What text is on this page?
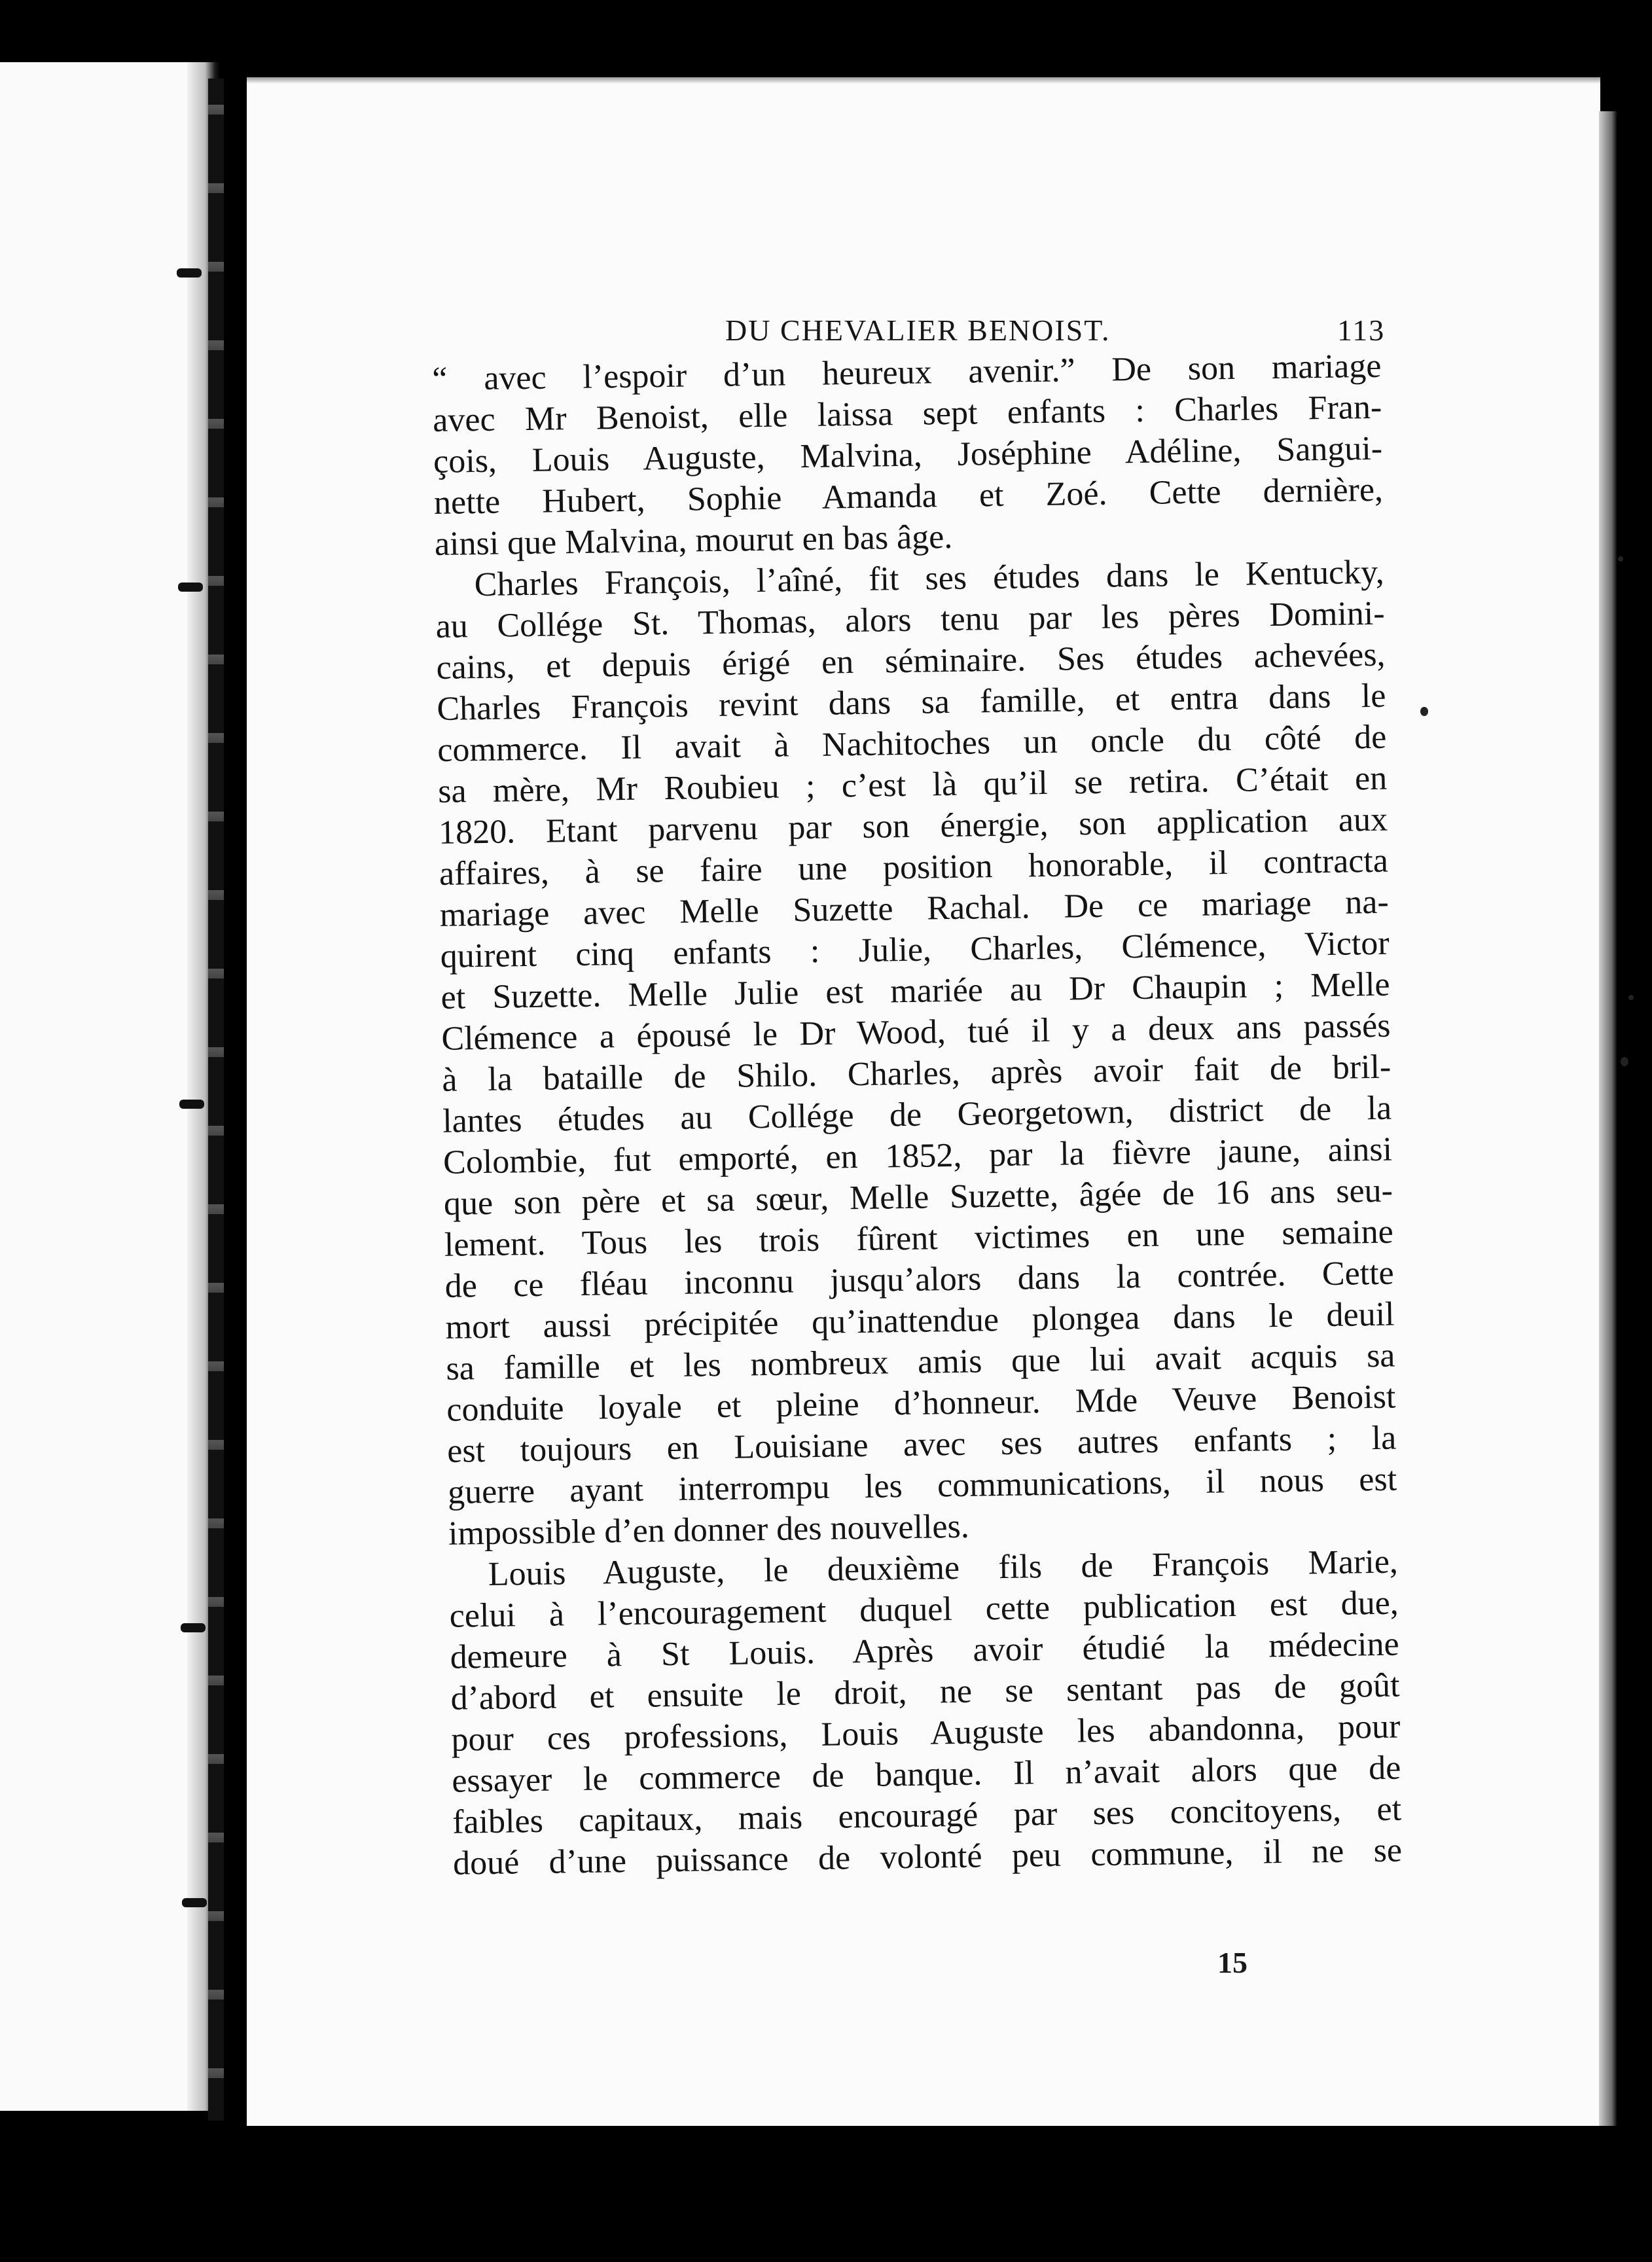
DU CHEVALIER BENOIST.	113
“ avec l’espoir d’un heureux avenir.” De son mariage
avec Mr Benoist, elle laissa sept enfants : Charles Fran-
çois, Louis Auguste, Malvina, Joséphine Adéline, Sangui-
nette Hubert, Sophie Amanda et Zoé. Cette dernière,
ainsi que Malvina, mourut en bas âge.
Charles François, l’aîné, fit ses études dans le Kentucky,
au Collége St. Thomas, alors tenu par les pères Domini-
cains, et depuis érigé en séminaire. Ses études achevées,
Charles François revint dans sa famille, et entra dans le
commerce. Il avait à Nachitoches un oncle du côté de
sa mère, Mr Roubieu ; c’est là qu’il se retira. C’était en
1820. Etant parvenu par son énergie, son application aux
affaires, à se faire une position honorable, il contracta
mariage avec Melle Suzette Rachal. De ce mariage na-
quirent cinq enfants : Julie, Charles, Clémence, Victor
et Suzette. Melle Julie est mariée au Dr Chaupin ; Melle
Clémence a épousé le Dr Wood, tué il y a deux ans passés
à la bataille de Shilo. Charles, après avoir fait de bril-
lantes études au Collége de Georgetown, district de la
Colombie, fut emporté, en 1852, par la fièvre jaune, ainsi
que son père et sa sœur, Melle Suzette, âgée de 16 ans seu-
lement. Tous les trois fûrent victimes en une semaine
de ce fléau inconnu jusqu’alors dans la contrée. Cette
mort aussi précipitée qu’inattendue plongea dans le deuil
sa famille et les nombreux amis que lui avait acquis sa
conduite loyale et pleine d’honneur. Mde Veuve Benoist
est toujours en Louisiane avec ses autres enfants ; la
guerre ayant interrompu les communications, il nous est
impossible d’en donner des nouvelles.
Louis Auguste, le deuxième fils de François Marie,
celui à l’encouragement duquel cette publication est due,
demeure à St Louis. Après avoir étudié la médecine
d’abord et ensuite le droit, ne se sentant pas de goût
pour ces professions, Louis Auguste les abandonna, pour
essayer le commerce de banque. Il n’avait alors que de
faibles capitaux, mais encouragé par ses concitoyens, et
doué d’une puissance de volonté peu commune, il ne se
15
